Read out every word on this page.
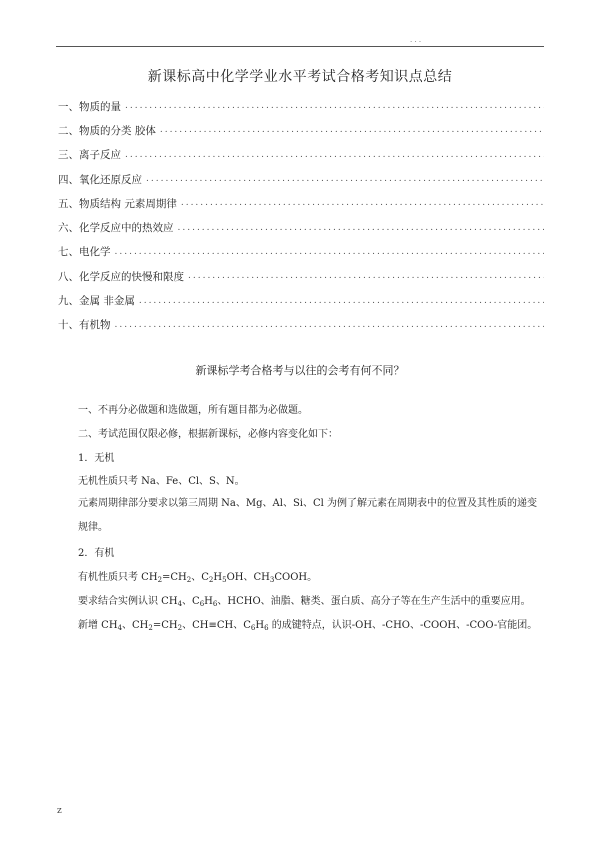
. . .
新课标高中化学学业水平考试合格考知识点总结
一、物质的量
.....
二、物质的分类 胶体
.....
三、离子反应
.....
四、氧化还原反应
.....
五、物质结构 元素周期律
.....
六、化学反应中的热效应
.....
七、电化学
.....
八、化学反应的快慢和限度
.....
九、金属 非金属
.....
十、有机物
.....
新课标学考合格考与以往的会考有何不同？
一、不再分必做题和选做题，所有题目都为必做题。
二、考试范围仅限必修，根据新课标，必修内容变化如下：
1．无机
无机性质只考 Na、Fe、Cl、S、N。
元素周期律部分要求以第三周期 Na、Mg、Al、Si、Cl 为例了解元素在周期表中的位置及其性质的递变规律。
2．有机
有机性质只考 $CH_2=CH_2$、$C_2H_5OH$、$CH_3COOH$。
要求结合实例认识 $CH_4$、$C_6H_6$、HCHO、油脂、糖类、蛋白质、高分子等在生产生活中的重要应用。
新增 $CH_4$、$CH_2=CH_2$、CH≡CH、$C_6H_6$ 的成键特点，认识-OH、-CHO、-COOH、-COO-官能团。
z
